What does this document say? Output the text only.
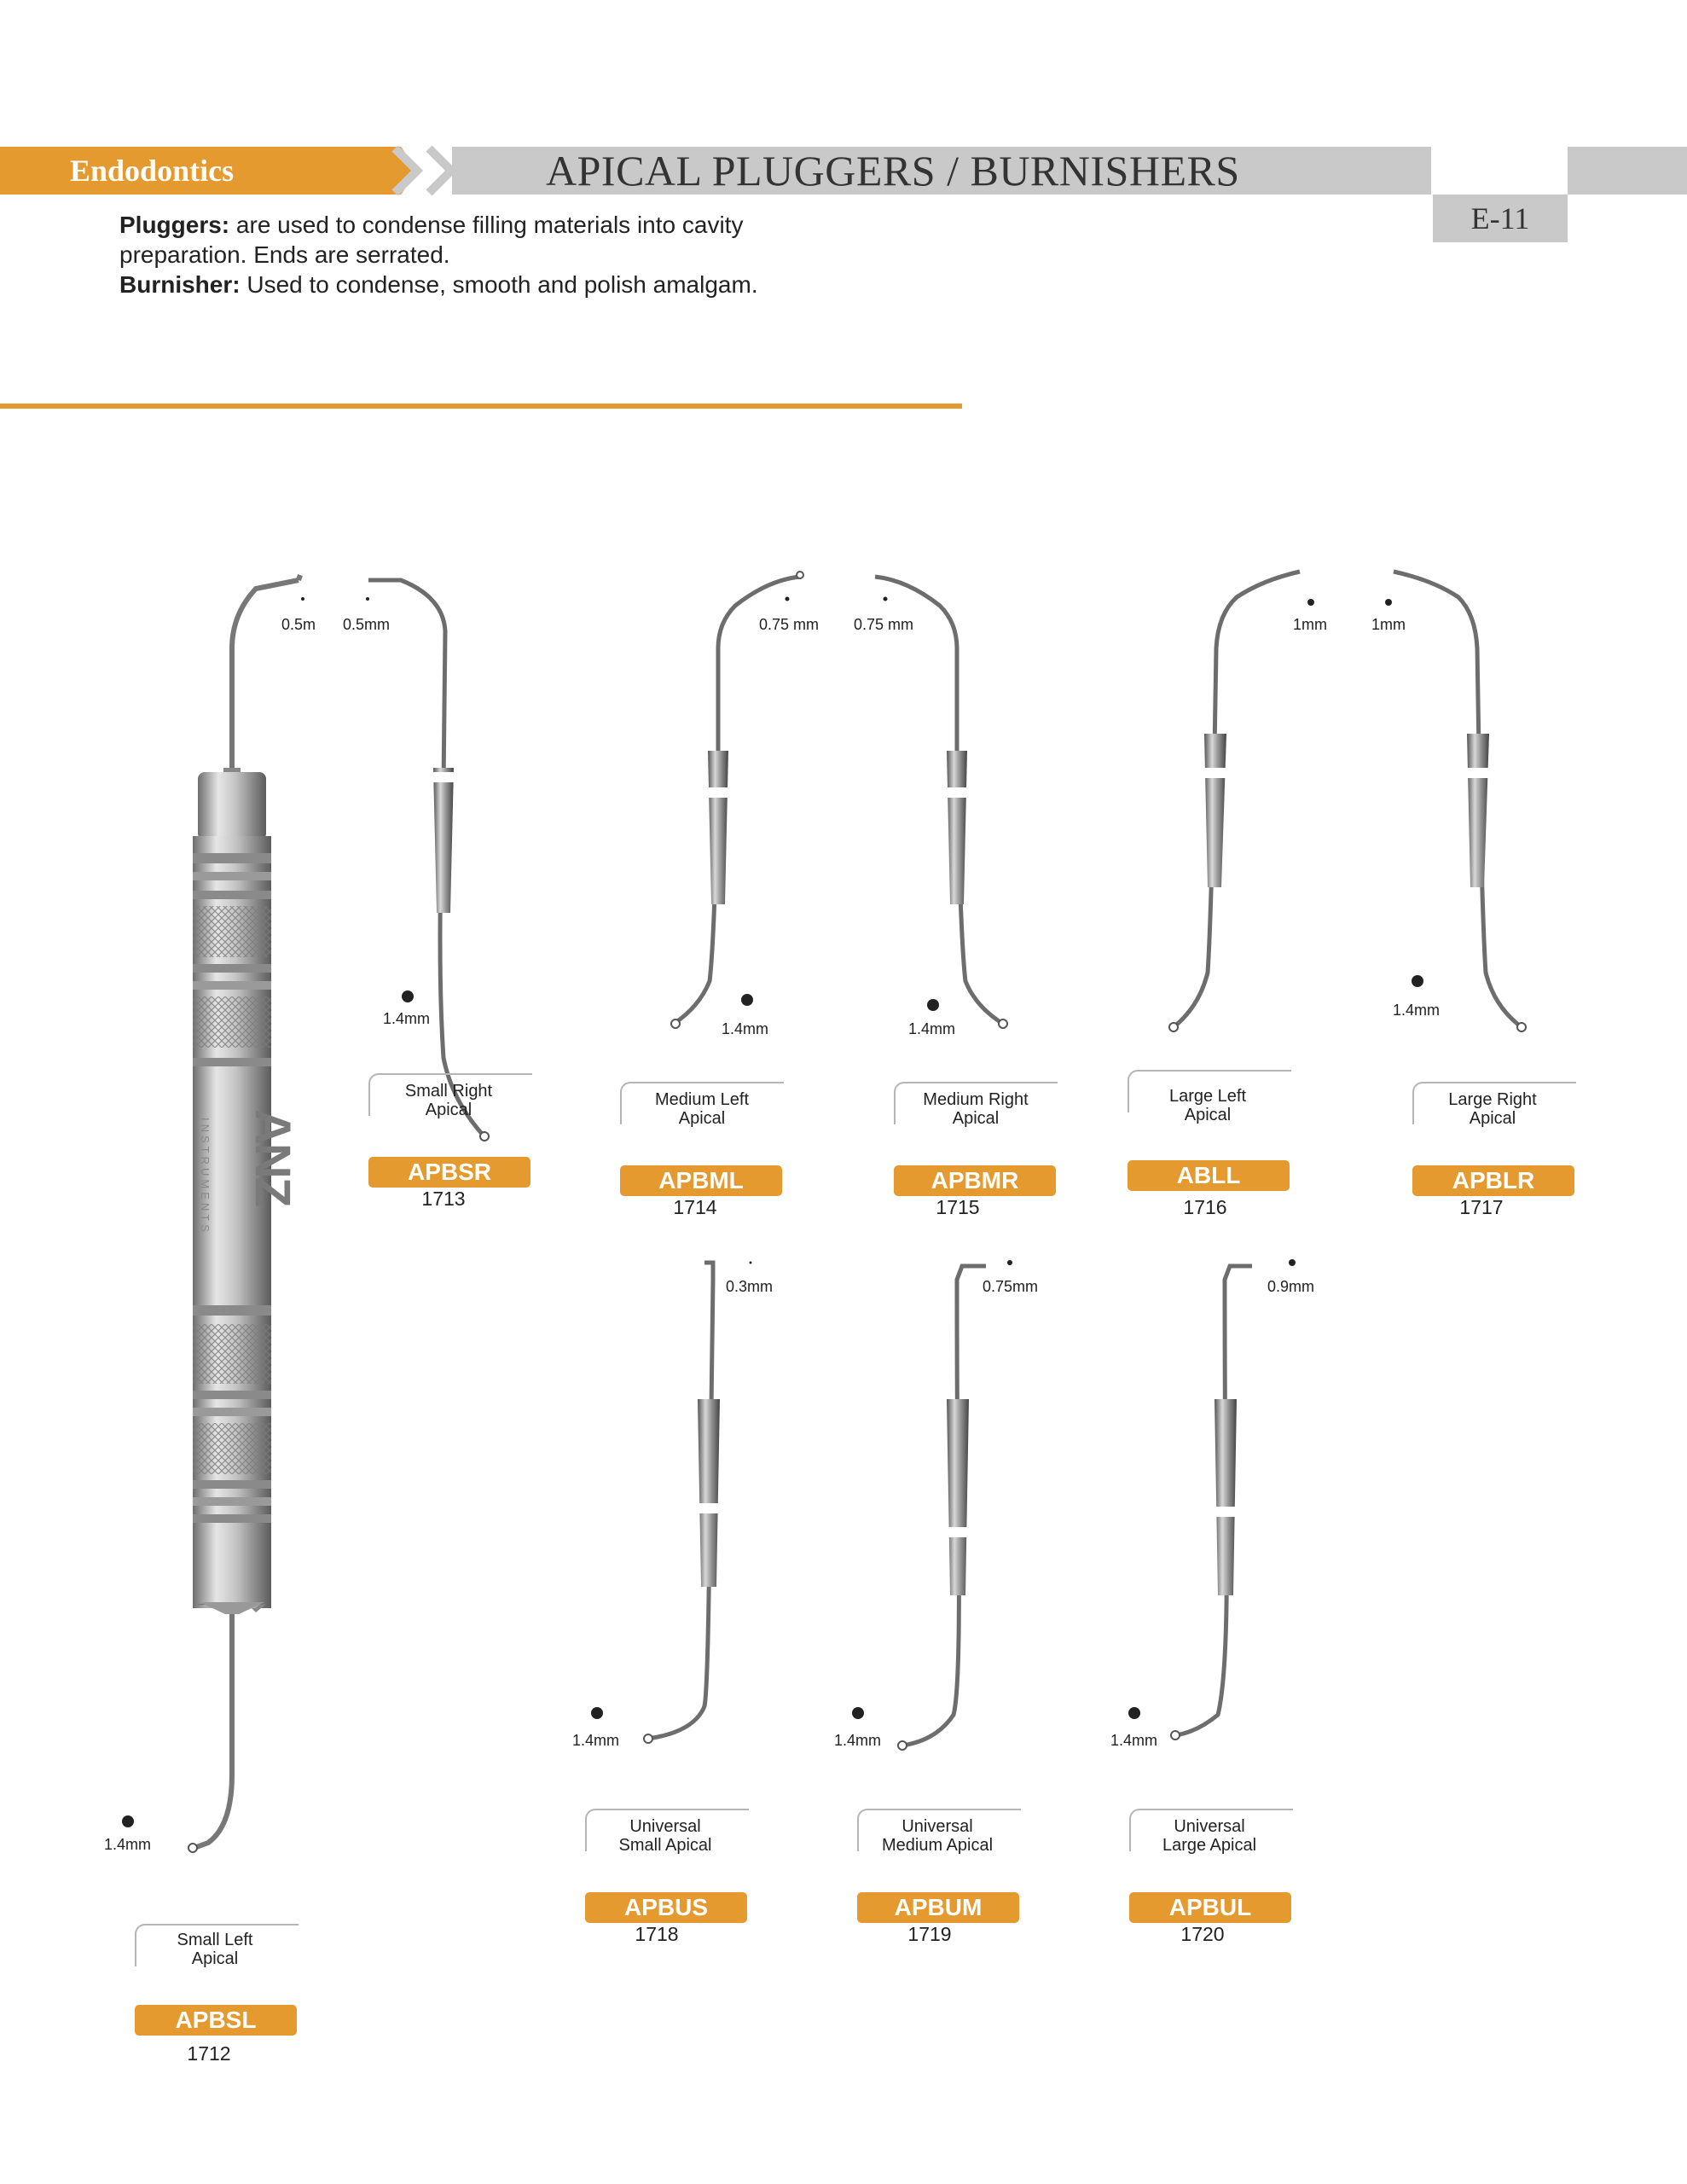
Endodontics	APICAL PLUGGERS / BURNISHERS
E-11
Pluggers: are used to condense filling materials into cavity
preparation. Ends are serrated.
Burnisher: Used to condense, smooth and polish amalgam.
ANZ
INSTRUMENTS
1.4mm
0.5m 0.5mm
1.4mm
0.75 mm
1.4mm
0.75 mm
1.4mm
1mm	1mm
1.4mm
0.3mm
1.4mm
0.75mm
1.4mm
0.9mm
1.4mm
Small Left
Apical
APBSL
1712
Small Right
Apical
APBSR
1713
Medium Left
Apical
APBML
1714
Medium Right
Apical
APBMR
1715
Large Left
Apical
ABLL
1716
Large Right
Apical
APBLR
1717
Universal
Small Apical
APBUS
1718
Universal
Medium Apical
APBUM
1719
Universal
Large Apical
APBUL
1720
